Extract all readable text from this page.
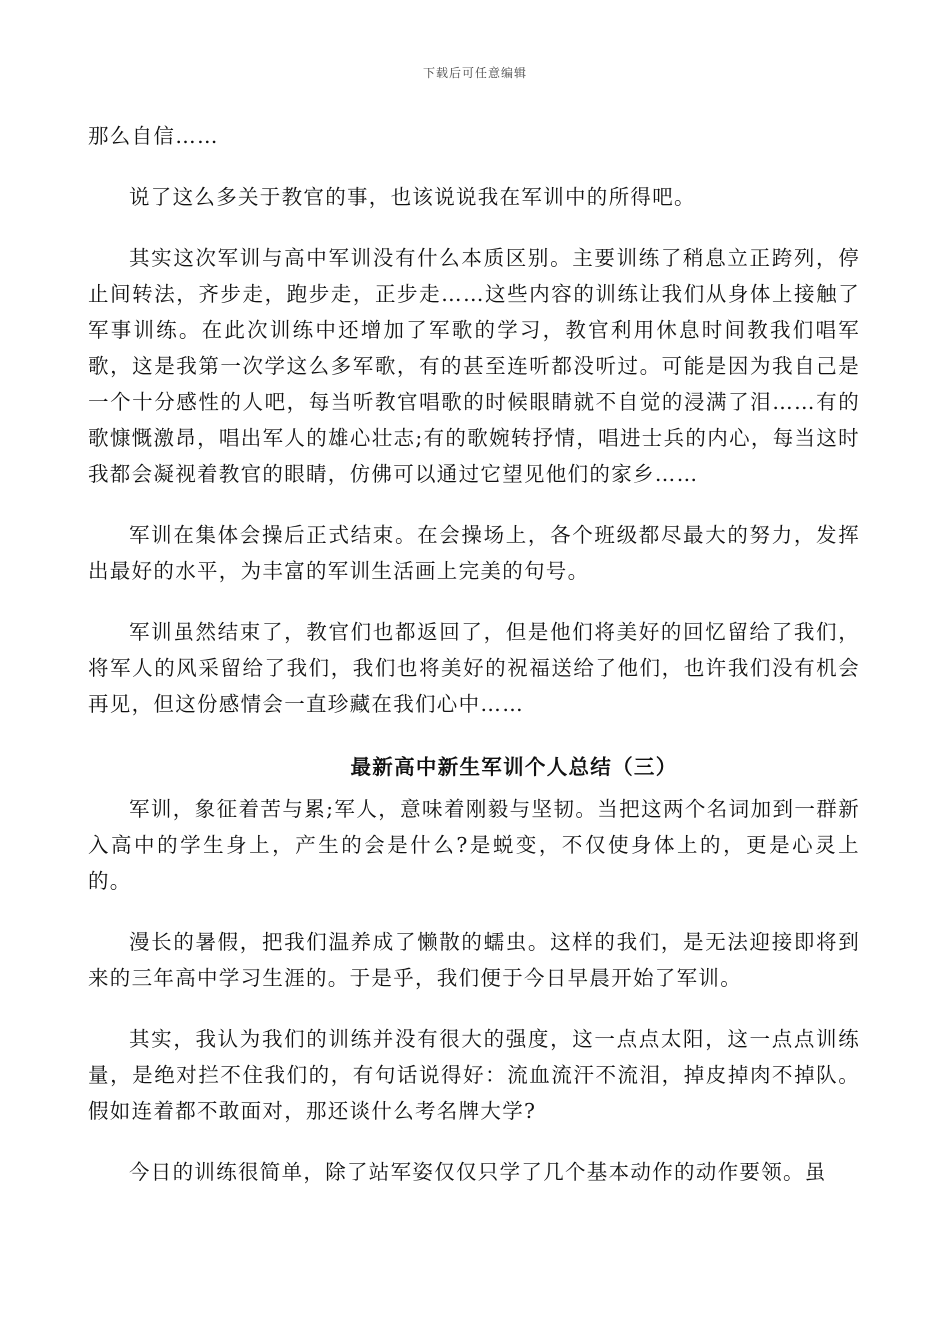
下载后可任意编辑

那么自信……

说了这么多关于教官的事，也该说说我在军训中的所得吧。

其实这次军训与高中军训没有什么本质区别。主要训练了稍息立正跨列，停止间转法，齐步走，跑步走，正步走……这些内容的训练让我们从身体上接触了军事训练。在此次训练中还增加了军歌的学习，教官利用休息时间教我们唱军歌，这是我第一次学这么多军歌，有的甚至连听都没听过。可能是因为我自己是一个十分感性的人吧，每当听教官唱歌的时候眼睛就不自觉的浸满了泪……有的歌慷慨激昂，唱出军人的雄心壮志;有的歌婉转抒情，唱进士兵的内心，每当这时我都会凝视着教官的眼睛，仿佛可以通过它望见他们的家乡……

军训在集体会操后正式结束。在会操场上，各个班级都尽最大的努力，发挥出最好的水平，为丰富的军训生活画上完美的句号。

军训虽然结束了，教官们也都返回了，但是他们将美好的回忆留给了我们，将军人的风采留给了我们，我们也将美好的祝福送给了他们，也许我们没有机会再见，但这份感情会一直珍藏在我们心中……

最新高中新生军训个人总结（三）

军训，象征着苦与累;军人，意味着刚毅与坚韧。当把这两个名词加到一群新入高中的学生身上，产生的会是什么?是蜕变，不仅使身体上的，更是心灵上的。

漫长的暑假，把我们温养成了懒散的蠕虫。这样的我们，是无法迎接即将到来的三年高中学习生涯的。于是乎，我们便于今日早晨开始了军训。

其实，我认为我们的训练并没有很大的强度，这一点点太阳，这一点点训练量，是绝对拦不住我们的，有句话说得好：流血流汗不流泪，掉皮掉肉不掉队。假如连着都不敢面对，那还谈什么考名牌大学?

今日的训练很简单，除了站军姿仅仅只学了几个基本动作的动作要领。虽
